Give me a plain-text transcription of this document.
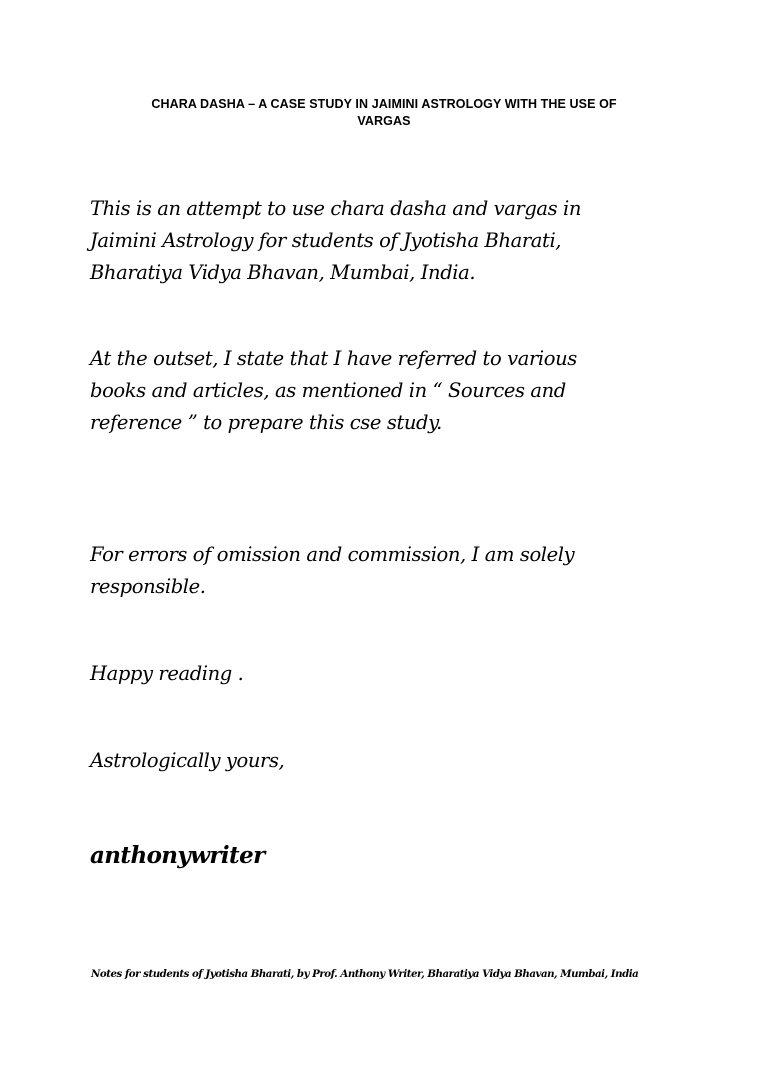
CHARA DASHA – A CASE STUDY IN JAIMINI ASTROLOGY WITH THE USE OF
VARGAS
This is an attempt to use chara dasha and vargas in
Jaimini Astrology for students of Jyotisha Bharati,
Bharatiya Vidya Bhavan, Mumbai, India.
At the outset, I state that I have referred to various
books and articles, as mentioned in “ Sources and
reference ” to prepare this cse study.
For errors of omission and commission, I am solely
responsible.
Happy reading .
Astrologically yours,
anthonywriter
Notes for students of Jyotisha Bharati, by Prof. Anthony Writer, Bharatiya Vidya Bhavan, Mumbai, India
